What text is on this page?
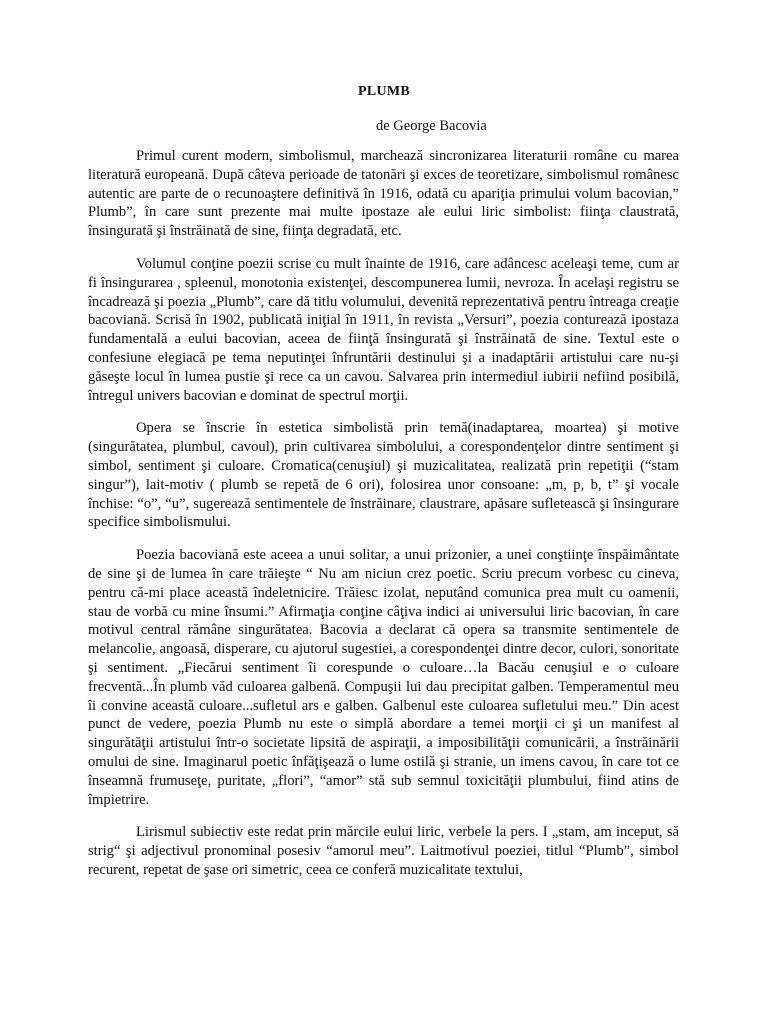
PLUMB

de George Bacovia

Primul curent modern, simbolismul, marchează sincronizarea literaturii române cu marea literatură europeană. După câteva perioade de tatonări şi exces de teoretizare, simbolismul românesc autentic are parte de o recunoaştere definitivă în 1916, odată cu apariţia primului volum bacovian,” Plumb”, în care sunt prezente mai multe ipostaze ale eului liric simbolist: fiinţa claustrată, însingurată şi înstrăinată de sine, fiinţa degradată, etc.

Volumul conţine poezii scrise cu mult înainte de 1916, care adâncesc aceleaşi teme, cum ar fi însingurarea , spleenul, monotonia existenţei, descompunerea lumii, nevroza. În acelaşi registru se încadrează şi poezia „Plumb”, care dă titlu volumului, devenită reprezentativă pentru întreaga creaţie bacoviană. Scrisă în 1902, publicată iniţial în 1911, în revista „Versuri”, poezia conturează ipostaza fundamentală a eului bacovian, aceea de fiinţă însingurată şi înstrăinată de sine. Textul este o confesiune elegiacă pe tema neputinţei înfruntării destinului şi a inadaptării artistului care nu-şi găseşte locul în lumea pustie şi rece ca un cavou. Salvarea prin intermediul iubirii nefiind posibilă, întregul univers bacovian e dominat de spectrul morţii.

Opera se înscrie în estetica simbolistă prin temă(inadaptarea, moartea) şi motive (singurătatea, plumbul, cavoul), prin cultivarea simbolului, a corespondenţelor dintre sentiment şi simbol, sentiment şi culoare. Cromatica(cenuşiul) şi muzicalitatea, realizată prin repetiţii (“stam singur”), lait-motiv ( plumb se repetă de 6 ori), folosirea unor consoane: „m, p, b, t” şi vocale închise: “o”, “u”, sugerează sentimentele de înstrăinare, claustrare, apăsare sufletească şi însingurare specifice simbolismului.

Poezia bacoviană este aceea a unui solitar, a unui prizonier, a unei conştiinţe înspăimântate de sine şi de lumea în care trăieşte “ Nu am niciun crez poetic. Scriu precum vorbesc cu cineva, pentru că-mi place această îndeletnicire. Trăiesc izolat, neputând comunica prea mult cu oamenii, stau de vorbă cu mine însumi.” Afirmaţia conţine câţiva indici ai universului liric bacovian, în care motivul central rămâne singurătatea. Bacovia a declarat că opera sa transmite sentimentele de melancolie, angoasă, disperare, cu ajutorul sugestiei, a corespondenţei dintre decor, culori, sonoritate şi sentiment. „Fiecărui sentiment îi corespunde o culoare…la Bacău cenuşiul e o culoare frecventă...În plumb văd culoarea galbenă. Compuşii lui dau precipitat galben. Temperamentul meu îi convine această culoare...sufletul ars e galben. Galbenul este culoarea sufletului meu.” Din acest punct de vedere, poezia Plumb nu este o simplă abordare a temei morţii ci şi un manifest al singurătăţii artistului într-o societate lipsită de aspiraţii, a imposibilităţii comunicării, a înstrăinării omului de sine. Imaginarul poetic înfăţişează o lume ostilă şi stranie, un imens cavou, în care tot ce înseamnă frumuseţe, puritate, „flori”, “amor” stă sub semnul toxicităţii plumbului, fiind atins de împietrire.

Lirismul subiectiv este redat prin mărcile eului liric, verbele la pers. I „stam, am inceput, să strig“ şi adjectivul pronominal posesiv “amorul meu”. Laitmotivul poeziei, titlul “Plumb”, simbol recurent, repetat de şase ori simetric, ceea ce conferă muzicalitate textului,
